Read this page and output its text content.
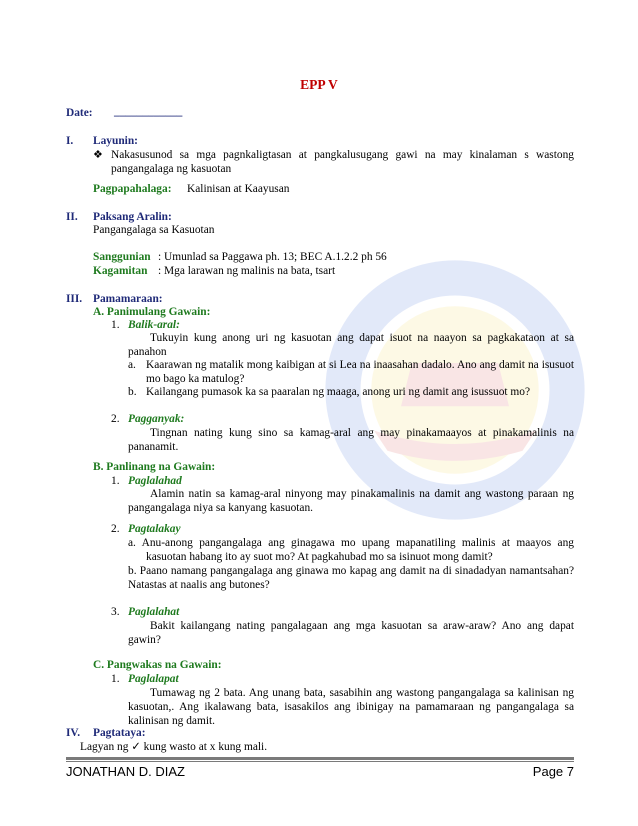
EPP V
Date: ____________
I. Layunin:
❖ Nakasusunod sa mga pagnkaligtasan at pangkalusugang gawi na may kinalaman s wastong pangangalaga ng kasuotan
Pagpapahalaga: Kalinisan at Kaayusan
II. Paksang Aralin:
Pangangalaga sa Kasuotan
Sanggunian : Umunlad sa Paggawa ph. 13; BEC A.1.2.2 ph 56
Kagamitan : Mga larawan ng malinis na bata, tsart
III. Pamamaraan:
A. Panimulang Gawain:
1. Balik-aral:
Tukuyin kung anong uri ng kasuotan ang dapat isuot na naayon sa pagkakataon at sa panahon
a. Kaarawan ng matalik mong kaibigan at si Lea na inaasahan dadalo. Ano ang damit na isusuot mo bago ka matulog?
b. Kailangang pumasok ka sa paaralan ng maaga, anong uri ng damit ang isussuot mo?
2. Pagganyak:
Tingnan nating kung sino sa kamag-aral ang may pinakamaayos at pinakamalinis na pananamit.
B. Panlinang na Gawain:
1. Paglalahad
Alamin natin sa kamag-aral ninyong may pinakamalinis na damit ang wastong paraan ng pangangalaga niya sa kanyang kasuotan.
2. Pagtalakay
a. Anu-anong pangangalaga ang ginagawa mo upang mapanatiling malinis at maayos ang kasuotan habang ito ay suot mo? At pagkahubad mo sa isinuot mong damit?
b. Paano namang pangangalaga ang ginawa mo kapag ang damit na di sinadadyan namantsahan? Natastas at naalis ang butones?
3. Paglalahat
Bakit kailangang nating pangalagaan ang mga kasuotan sa araw-araw? Ano ang dapat gawin?
C. Pangwakas na Gawain:
1. Paglalapat
Tumawag ng 2 bata. Ang unang bata, sasabihin ang wastong pangangalaga sa kalinisan ng kasuotan,. Ang ikalawang bata, isasakilos ang ibinigay na pamamaraan ng pangangalaga sa kalinisan ng damit.
IV. Pagtataya:
Lagyan ng ✓ kung wasto at x kung mali.
JONATHAN D. DIAZ	Page 7
